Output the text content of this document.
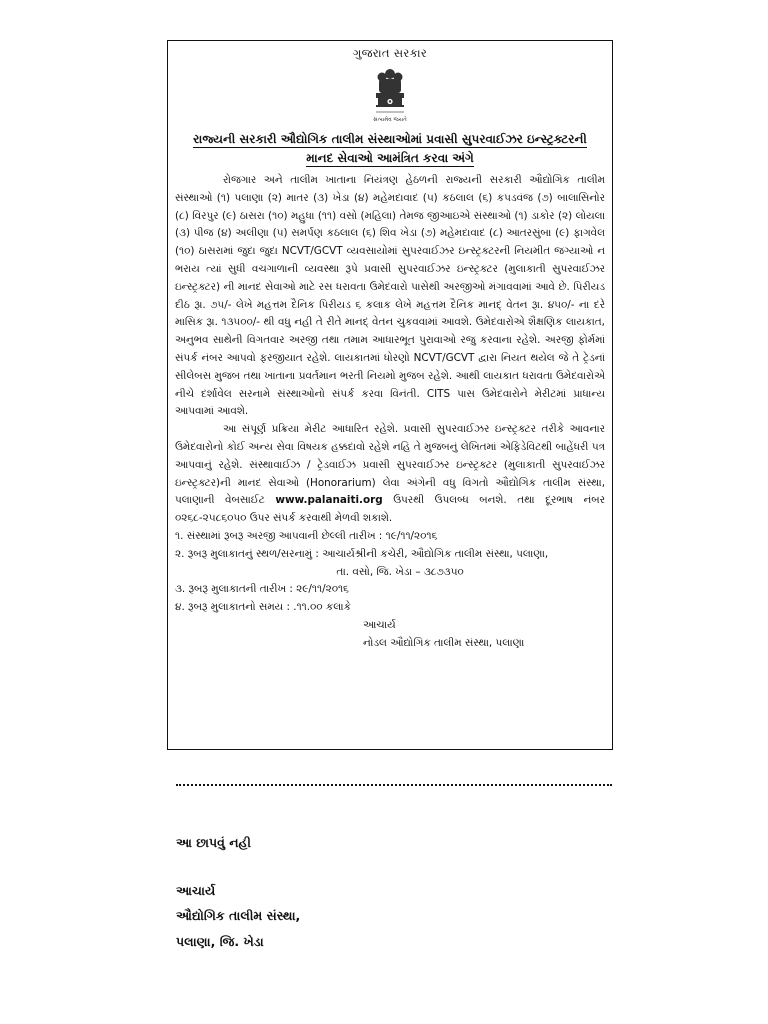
ગુજરાત સરકાર
સત્યમેવ જયતે
રાજ્યની સરકારી ઔદ્યોગિક તાલીમ સંસ્થાઓમાં પ્રવાસી સુપરવાઈઝર ઇન્સ્ટ્રક્ટરની
માનદ સેવાઓ આમંત્રિત કરવા અંગે

રોજગાર અને તાલીમ ખાતાના નિયંત્રણ હેઠળની રાજ્યની સરકારી ઔદ્યોગિક તાલીમ સંસ્થાઓ (૧) પલાણા (૨) માતર (૩) ખેડા (૪) મહેમદાવાદ (૫) કઠલાલ (૬) કપડવંજ (૭) બાલાસિનોર (૮) વિરપુર (૯) ઠાસરા (૧૦) મહુધા (૧૧) વસો (મહિલા) તેમજ જીઆઇએ સંસ્થાઓ (૧) ડાકોર (૨) લોયલા (૩) પીજ (૪) અલીણા (૫) સમર્પણ કઠલાલ (૬) શિવ ખેડા (૭) મહેમદાવાદ (૮) આતરસુંબા (૯) ફાગવેલ (૧૦) ઠાસરામાં જુદા જુદા NCVT/GCVT વ્યવસાયોમાં સુપરવાઈઝર ઇન્સ્ટ્રક્ટરની નિયમીત જગ્યાઓ ન ભરાય ત્યાં સુધી વચગાળાની વ્યવસ્થા રૂપે પ્રવાસી સુપરવાઈઝર ઇન્સ્ટ્રક્ટર (મુલાકાતી સુપરવાઈઝર ઇન્સ્ટ્રક્ટર) ની માનદ સેવાઓ માટે રસ ધરાવતા ઉમેદવારો પાસેથી અરજીઓ મંગાવવામાં આવે છે. પિરીયડ દીઠ રૂા. ૭૫/- લેખે મહત્તમ દૈનિક પિરીયડ ૬ કલાક લેખે મહત્તમ દૈનિક માનદ્ વેતન રૂા. ૪૫૦/- ના દરે માસિક રૂા. ૧૩૫૦૦/- થી વધુ નહી તે રીતે માનદ્ વેતન ચુકવવામાં આવશે. ઉમેદવારોએ શૈક્ષણિક લાયકાત, અનુભવ સાથેની વિગતવાર અરજી તથા તમામ આધારભૂત પુરાવાઓ રજુ કરવાના રહેશે. અરજી ફોર્મમાં સંપર્ક નંબર આપવો ફરજીયાત રહેશે. લાયકાતમાં ધોરણો NCVT/GCVT દ્વારા નિયત થયેલ જે તે ટ્રેડનાં સીલેબસ મુજબ તથા ખાતાના પ્રવર્તમાન ભરતી નિયમો મુજબ રહેશે. આથી લાયકાત ધરાવતા ઉમેદવારોએ નીચે દર્શાવેલ સરનામે સંસ્થાઓનો સંપર્ક કરવા વિનંતી. CITS પાસ ઉમેદવારોને મેરીટમાં પ્રાધાન્ય આપવામાં આવશે.

આ સંપૂર્ણ પ્રક્રિયા મેરીટ આધારિત રહેશે. પ્રવાસી સુપરવાઈઝર ઇન્સ્ટ્રક્ટર તરીકે આવનાર ઉમેદવારોનો કોઈ અન્ય સેવા વિષયક હક્કદાવો રહેશે નહિ તે મુજબનું લેખિતમાં એફિડેવિટથી બાહેંધરી પત્ર આપવાનું રહેશે. સંસ્થાવાઈઝ / ટ્રેડવાઈઝ પ્રવાસી સુપરવાઈઝર ઇન્સ્ટ્રક્ટર (મુલાકાતી સુપરવાઈઝર ઇન્સ્ટ્રક્ટર)ની માનદ સેવાઓ (Honorarium) લેવા અંગેની વધુ વિગતો ઔદ્યોગિક તાલીમ સંસ્થા, પલાણાની વેબસાઈટ www.palanaiti.org ઉપરથી ઉપલબ્ધ બનશે. તથા દૂરભાષ નંબર ૦૨૬૮-૨૫૮૬૦૫૦ ઉપર સંપર્ક કરવાથી મેળવી શકાશે.

૧. સંસ્થામાં રૂબરૂ અરજી આપવાની છેલ્લી તારીખ : ૧૯/૧૧/૨૦૧૬
૨. રૂબરૂ મુલાકાતનું સ્થળ/સરનામું : આચાર્યશ્રીની કચેરી, ઔદ્યોગિક તાલીમ સંસ્થા, પલાણા,
તા. વસો, જિ. ખેડા – ૩૮૭૩૫૦
૩. રૂબરૂ મુલાકાતની તારીખ : ૨૯/૧૧/૨૦૧૬
૪. રૂબરૂ મુલાકાતનો સમય : .૧૧.૦૦ કલાકે
આચાર્ય
નોડલ ઔદ્યોગિક તાલીમ સંસ્થા, પલાણા
આ છાપવું નહી
આચાર્ય
ઔદ્યોગિક તાલીમ સંસ્થા,
પલાણા, જિ. ખેડા
